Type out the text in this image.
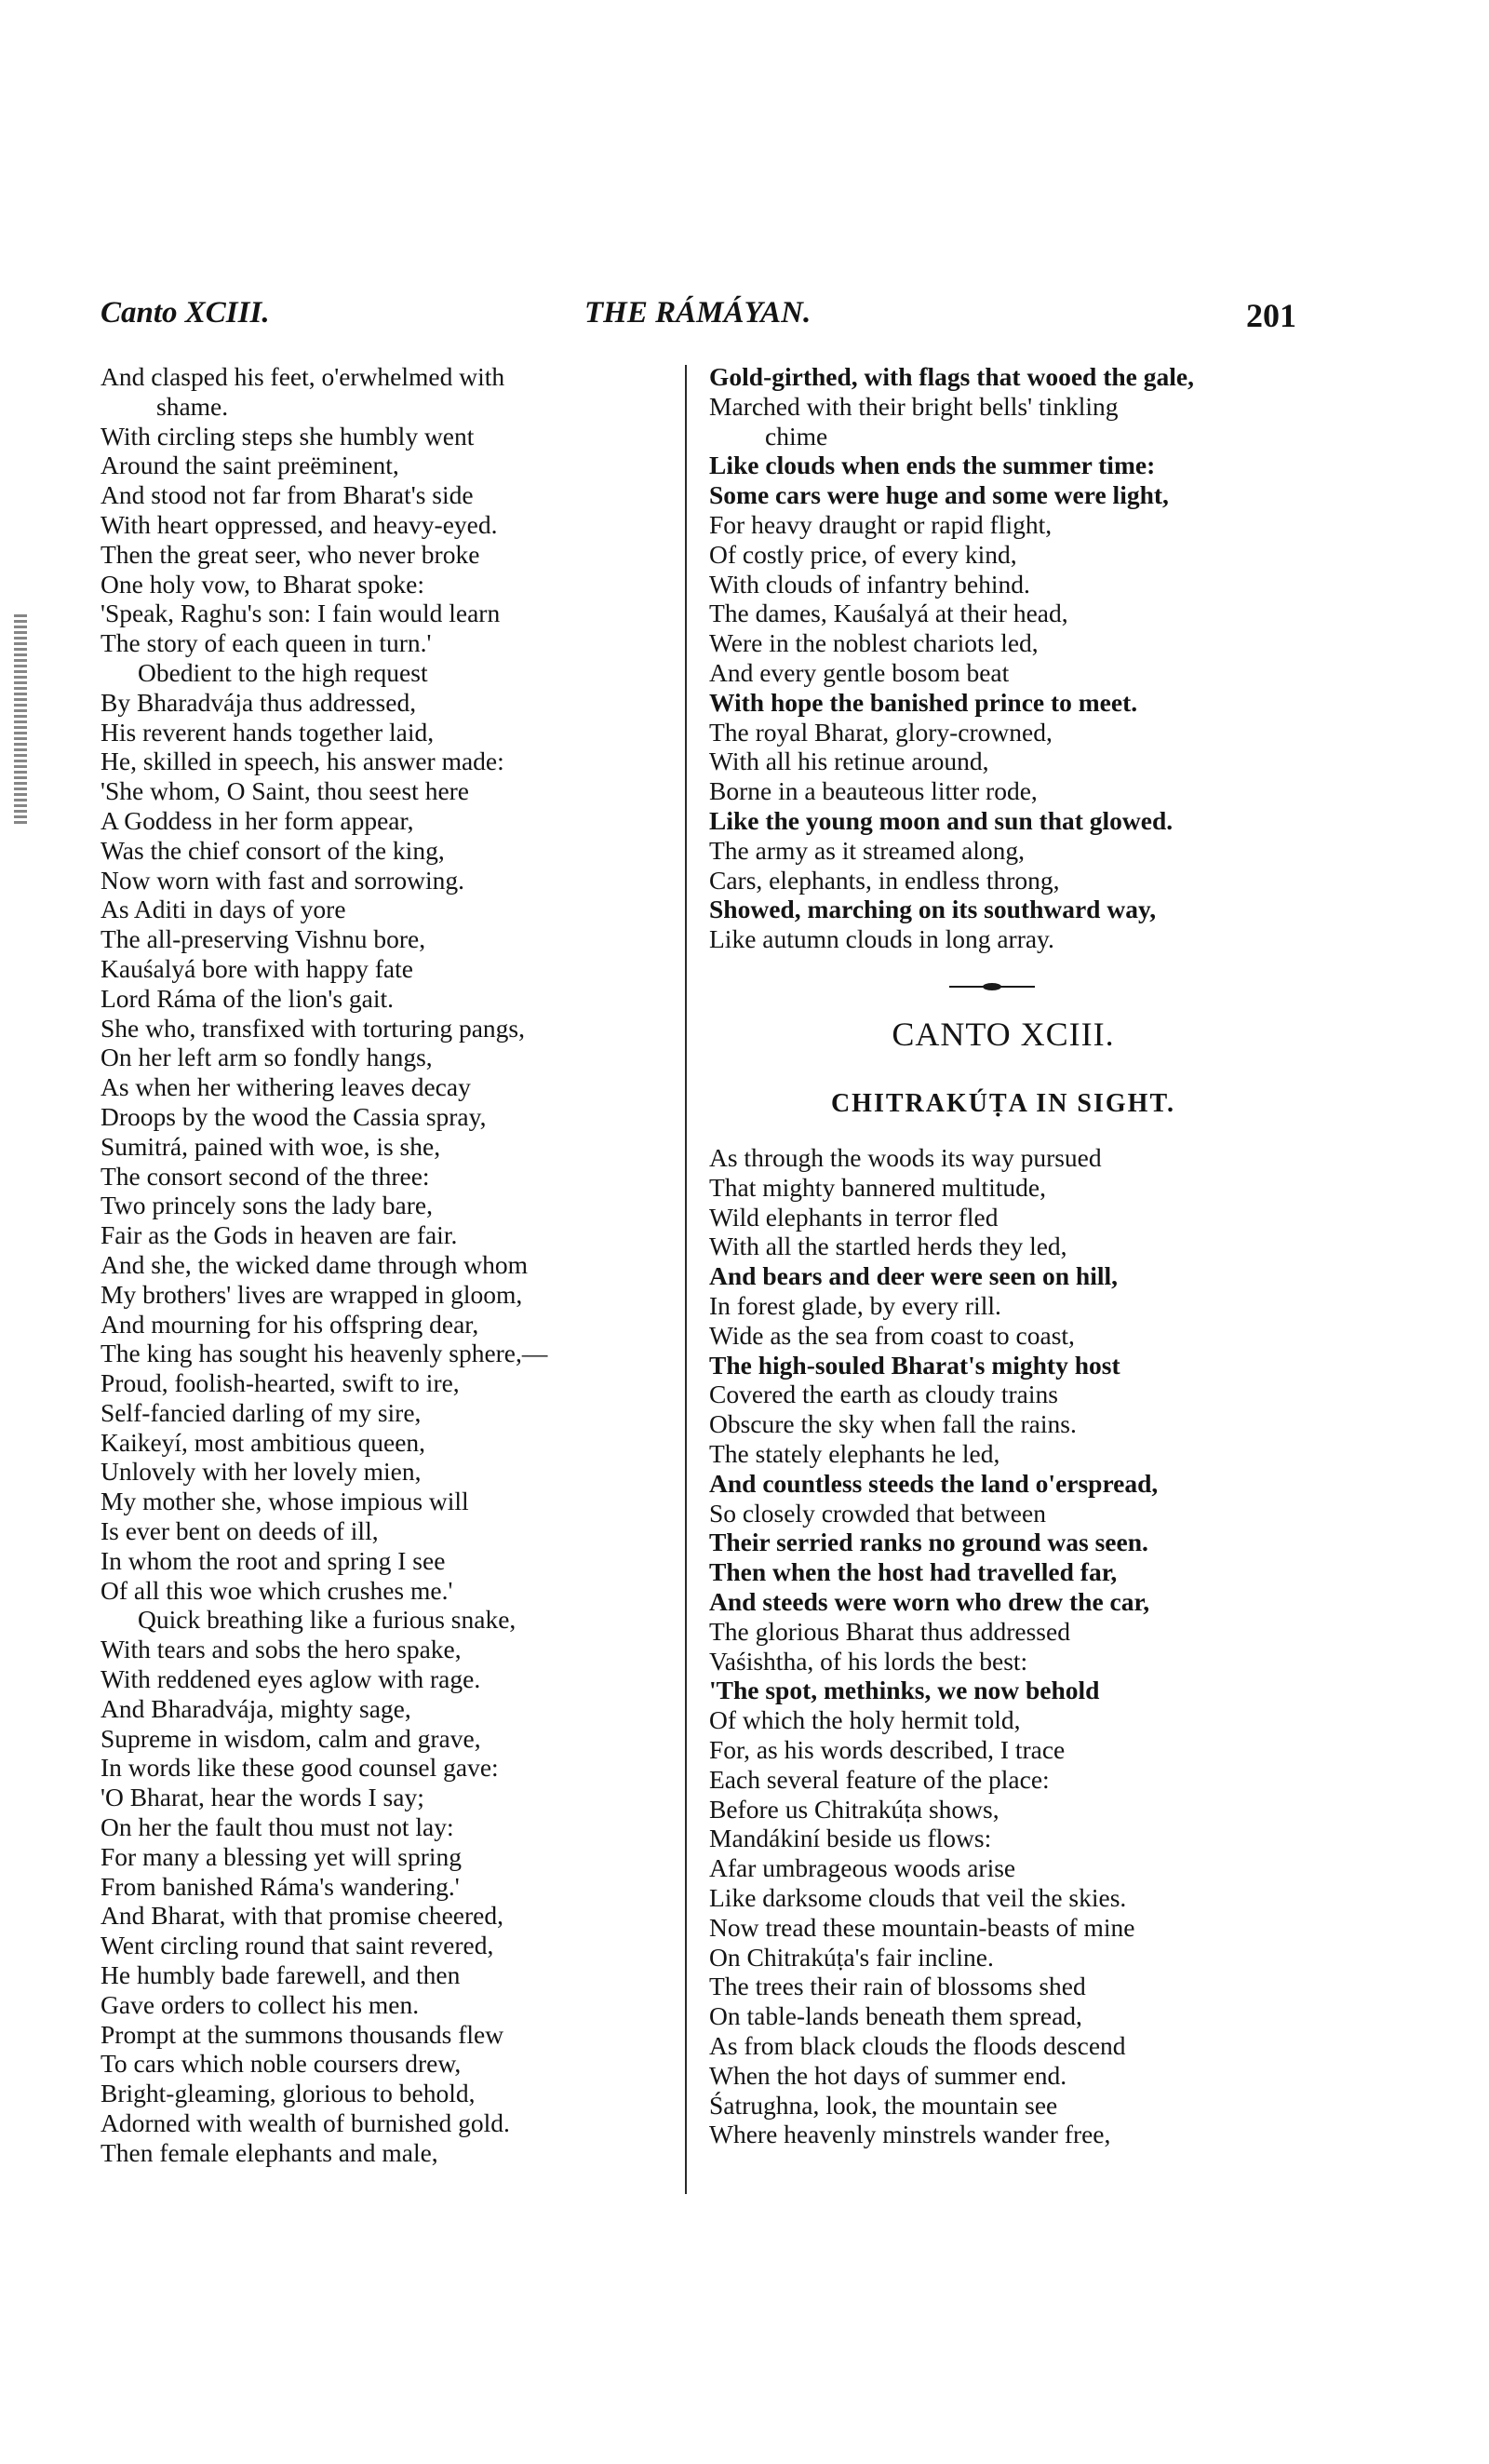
Canto XCIII.	THE RÁMÁYAN.	201
And clasped his feet, o'erwhelmed with
shame.
With circling steps she humbly went
Around the saint preëminent,
And stood not far from Bharat's side
With heart oppressed, and heavy-eyed.
Then the great seer, who never broke
One holy vow, to Bharat spoke:
'Speak, Raghu's son: I fain would learn
The story of each queen in turn.'
Obedient to the high request
By Bharadvája thus addressed,
His reverent hands together laid,
He, skilled in speech, his answer made:
'She whom, O Saint, thou seest here
A Goddess in her form appear,
Was the chief consort of the king,
Now worn with fast and sorrowing.
As Aditi in days of yore
The all-preserving Vishnu bore,
Kauśalyá bore with happy fate
Lord Ráma of the lion's gait.
She who, transfixed with torturing pangs,
On her left arm so fondly hangs,
As when her withering leaves decay
Droops by the wood the Cassia spray,
Sumitrá, pained with woe, is she,
The consort second of the three:
Two princely sons the lady bare,
Fair as the Gods in heaven are fair.
And she, the wicked dame through whom
My brothers' lives are wrapped in gloom,
And mourning for his offspring dear,
The king has sought his heavenly sphere,—
Proud, foolish-hearted, swift to ire,
Self-fancied darling of my sire,
Kaikeyí, most ambitious queen,
Unlovely with her lovely mien,
My mother she, whose impious will
Is ever bent on deeds of ill,
In whom the root and spring I see
Of all this woe which crushes me.'
Quick breathing like a furious snake,
With tears and sobs the hero spake,
With reddened eyes aglow with rage.
And Bharadvája, mighty sage,
Supreme in wisdom, calm and grave,
In words like these good counsel gave:
'O Bharat, hear the words I say;
On her the fault thou must not lay:
For many a blessing yet will spring
From banished Ráma's wandering.'
And Bharat, with that promise cheered,
Went circling round that saint revered,
He humbly bade farewell, and then
Gave orders to collect his men.
Prompt at the summons thousands flew
To cars which noble coursers drew,
Bright-gleaming, glorious to behold,
Adorned with wealth of burnished gold.
Then female elephants and male,
Gold-girthed, with flags that wooed the gale,
Marched with their bright bells' tinkling
chime
Like clouds when ends the summer time:
Some cars were huge and some were light,
For heavy draught or rapid flight,
Of costly price, of every kind,
With clouds of infantry behind.
The dames, Kauśalyá at their head,
Were in the noblest chariots led,
And every gentle bosom beat
With hope the banished prince to meet.
The royal Bharat, glory-crowned,
With all his retinue around,
Borne in a beauteous litter rode,
Like the young moon and sun that glowed.
The army as it streamed along,
Cars, elephants, in endless throng,
Showed, marching on its southward way,
Like autumn clouds in long array.
CANTO XCIII.
CHITRAKÚṬA IN SIGHT.
As through the woods its way pursued
That mighty bannered multitude,
Wild elephants in terror fled
With all the startled herds they led,
And bears and deer were seen on hill,
In forest glade, by every rill.
Wide as the sea from coast to coast,
The high-souled Bharat's mighty host
Covered the earth as cloudy trains
Obscure the sky when fall the rains.
The stately elephants he led,
And countless steeds the land o'erspread,
So closely crowded that between
Their serried ranks no ground was seen.
Then when the host had travelled far,
And steeds were worn who drew the car,
The glorious Bharat thus addressed
Vaśishtha, of his lords the best:
'The spot, methinks, we now behold
Of which the holy hermit told,
For, as his words described, I trace
Each several feature of the place:
Before us Chitrakúṭa shows,
Mandákiní beside us flows:
Afar umbrageous woods arise
Like darksome clouds that veil the skies.
Now tread these mountain-beasts of mine
On Chitrakúṭa's fair incline.
The trees their rain of blossoms shed
On table-lands beneath them spread,
As from black clouds the floods descend
When the hot days of summer end.
Śatrughna, look, the mountain see
Where heavenly minstrels wander free,
